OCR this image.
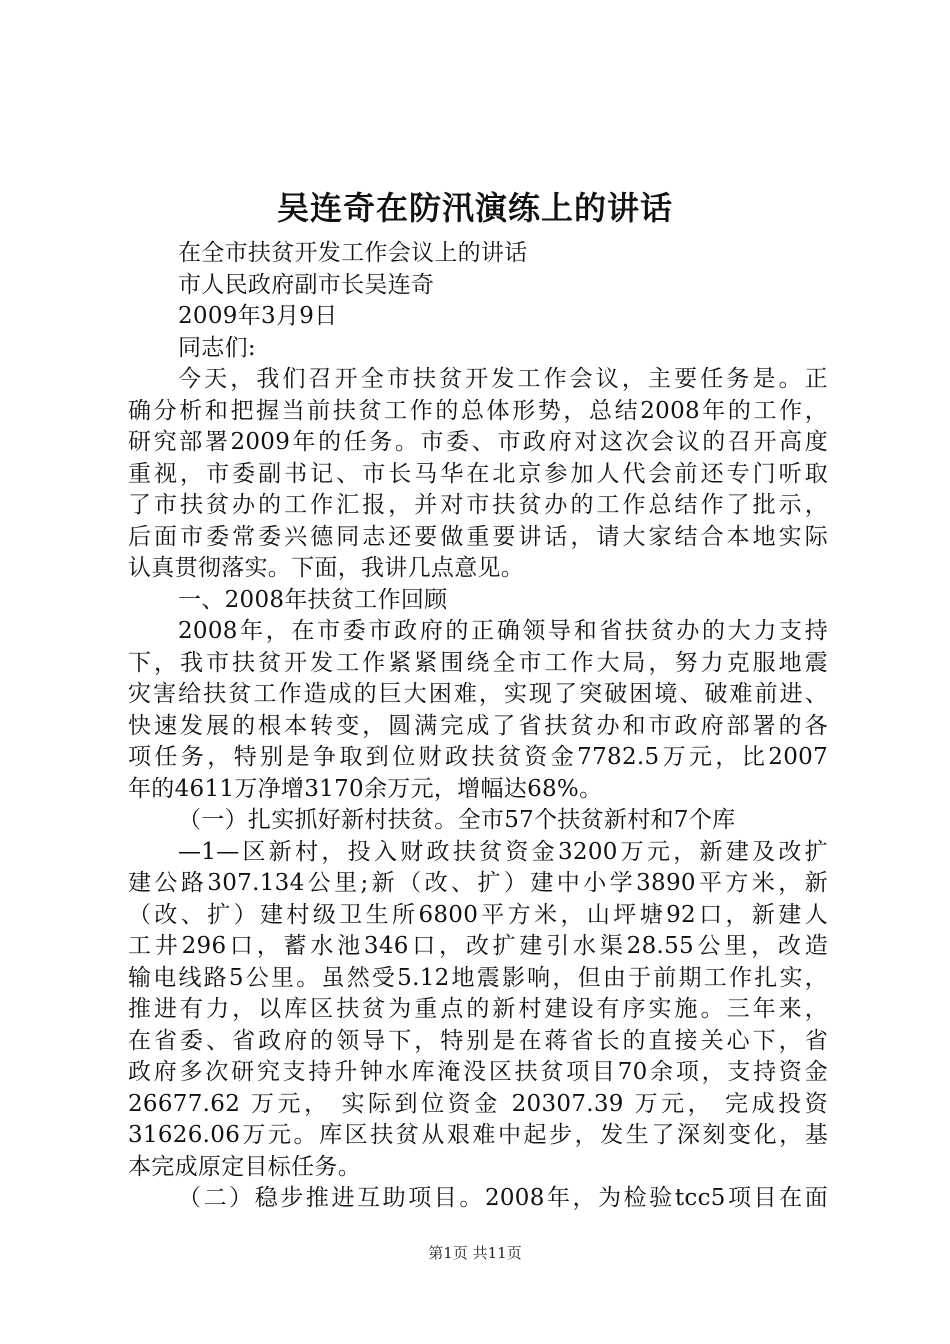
吴连奇在防汛演练上的讲话
在全市扶贫开发工作会议上的讲话
市人民政府副市长吴连奇
2009年3月9日
同志们:
今天，我们召开全市扶贫开发工作会议，主要任务是。正
确分析和把握当前扶贫工作的总体形势，总结2008年的工作，
研究部署2009年的任务。市委、市政府对这次会议的召开高度
重视，市委副书记、市长马华在北京参加人代会前还专门听取
了市扶贫办的工作汇报，并对市扶贫办的工作总结作了批示，
后面市委常委兴德同志还要做重要讲话，请大家结合本地实际
认真贯彻落实。下面，我讲几点意见。
一、2008年扶贫工作回顾
2008年，在市委市政府的正确领导和省扶贫办的大力支持
下，我市扶贫开发工作紧紧围绕全市工作大局，努力克服地震
灾害给扶贫工作造成的巨大困难，实现了突破困境、破难前进、
快速发展的根本转变，圆满完成了省扶贫办和市政府部署的各
项任务，特别是争取到位财政扶贫资金7782.5万元，比2007
年的4611万净增3170余万元，增幅达68%。
（一）扎实抓好新村扶贫。全市57个扶贫新村和7个库
—1—区新村，投入财政扶贫资金3200万元，新建及改扩
建公路307.134公里;新（改、扩）建中小学3890平方米，新
（改、扩）建村级卫生所6800平方米，山坪塘92口，新建人
工井296口，蓄水池346口，改扩建引水渠28.55公里，改造
输电线路5公里。虽然受5.12地震影响，但由于前期工作扎实，
推进有力，以库区扶贫为重点的新村建设有序实施。三年来，
在省委、省政府的领导下，特别是在蒋省长的直接关心下，省
政府多次研究支持升钟水库淹没区扶贫项目70余项，支持资金
26677.62 万元， 实际到位资金 20307.39 万元， 完成投资
31626.06万元。库区扶贫从艰难中起步，发生了深刻变化，基
本完成原定目标任务。
（二）稳步推进互助项目。2008年，为检验tcc5项目在面
第1页 共11页
